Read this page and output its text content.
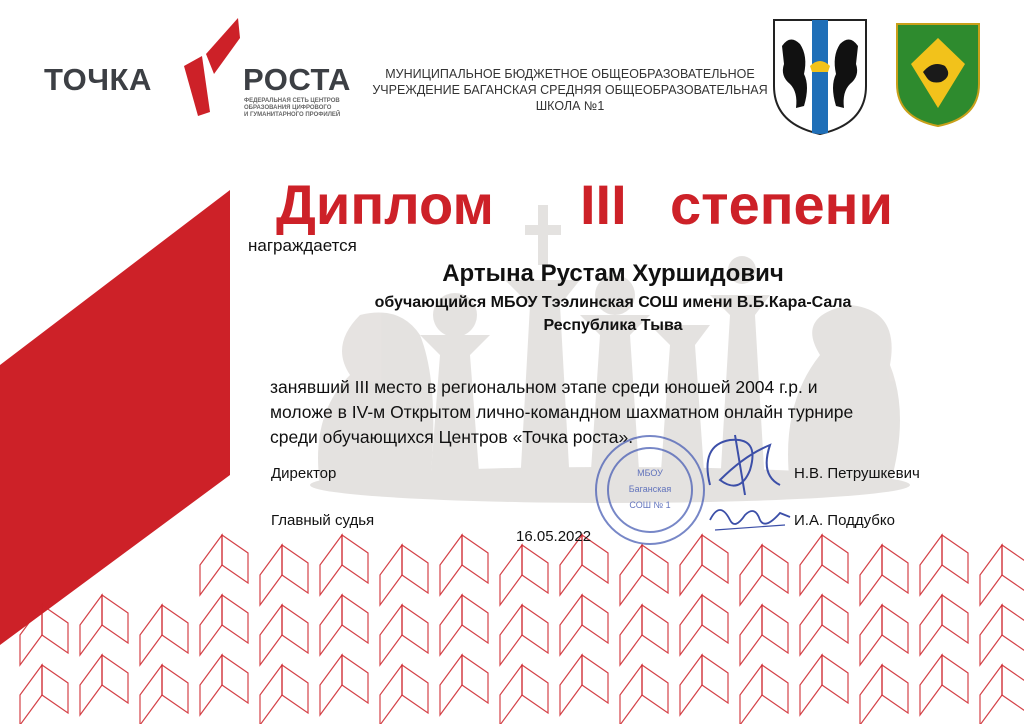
ТОЧКА	РОСТА
ФЕДЕРАЛЬНАЯ СЕТЬ ЦЕНТРОВ
ОБРАЗОВАНИЯ ЦИФРОВОГО
И ГУМАНИТАРНОГО ПРОФИЛЕЙ
МУНИЦИПАЛЬНОЕ БЮДЖЕТНОЕ ОБЩЕОБРАЗОВАТЕЛЬНОЕ
УЧРЕЖДЕНИЕ БАГАНСКАЯ СРЕДНЯЯ ОБЩЕОБРАЗОВАТЕЛЬНАЯ
ШКОЛА №1
Диплом III степени
награждается
Артына Рустам Хуршидович
обучающийся МБОУ Тээлинская СОШ имени В.Б.Кара-Сала
Республика Тыва
занявший III место в региональном этапе среди юношей 2004 г.р. и
моложе в IV-м Открытом лично-командном шахматном онлайн турнире
среди обучающихся Центров «Точка роста».
МБОУ
Баганская
СОШ № 1
Директор	Н.В. Петрушкевич
Главный судья	И.А. Поддубко
16.05.2022
